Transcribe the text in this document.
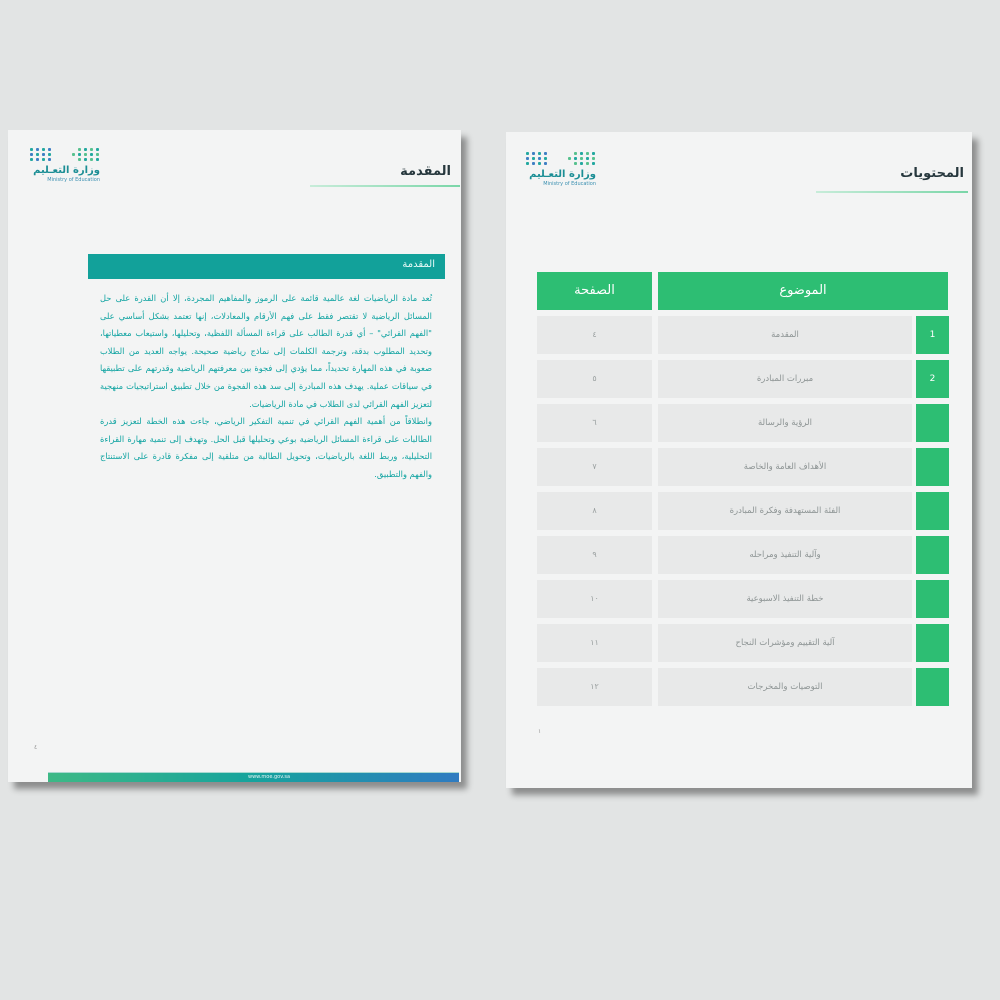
وزارة التعـليم
Ministry of Education
المقدمة
المقدمة

تُعد مادة الرياضيات لغة عالمية قائمة على الرموز والمفاهيم المجردة، إلا أن القدرة على حل المسائل الرياضية لا تقتصر فقط على فهم الأرقام والمعادلات، إنها تعتمد بشكل أساسي على "الفهم القرائي" – أي قدرة الطالب على قراءة المسألة اللفظية، وتحليلها، واستيعاب معطياتها، وتحديد المطلوب بدقة، وترجمة الكلمات إلى نماذج رياضية صحيحة. يواجه العديد من الطلاب صعوبة في هذه المهارة تحديداً، مما يؤدي إلى فجوة بين معرفتهم الرياضية وقدرتهم على تطبيقها في سياقات عملية. يهدف هذه المبادرة إلى سد هذه الفجوة من خلال تطبيق استراتيجيات منهجية لتعزيز الفهم القرائي لدى الطلاب في مادة الرياضيات.

وانطلاقاً من أهمية الفهم القرائي في تنمية التفكير الرياضي، جاءت هذه الخطة لتعزيز قدرة الطالبات على قراءة المسائل الرياضية بوعي وتحليلها قبل الحل. وتهدف إلى تنمية مهارة القراءة التحليلية، وربط اللغة بالرياضيات، وتحويل الطالبة من متلقية إلى مفكرة قادرة على الاستنتاج والفهم والتطبيق.

٤
www.moe.gov.sa
وزارة التعـليم
Ministry of Education
المحتويات
الصفحة	الموضوع
٤	المقدمة	1
٥	مبررات المبادرة	2
٦	الرؤية والرسالة
٧	الأهداف العامة والخاصة
٨	الفئة المستهدفة وفكرة المبادرة
٩	وآلية التنفيذ ومراحله
١٠	خطة التنفيذ الاسبوعية
١١	آلية التقييم ومؤشرات النجاح
١٢	التوصيات والمخرجات
١
